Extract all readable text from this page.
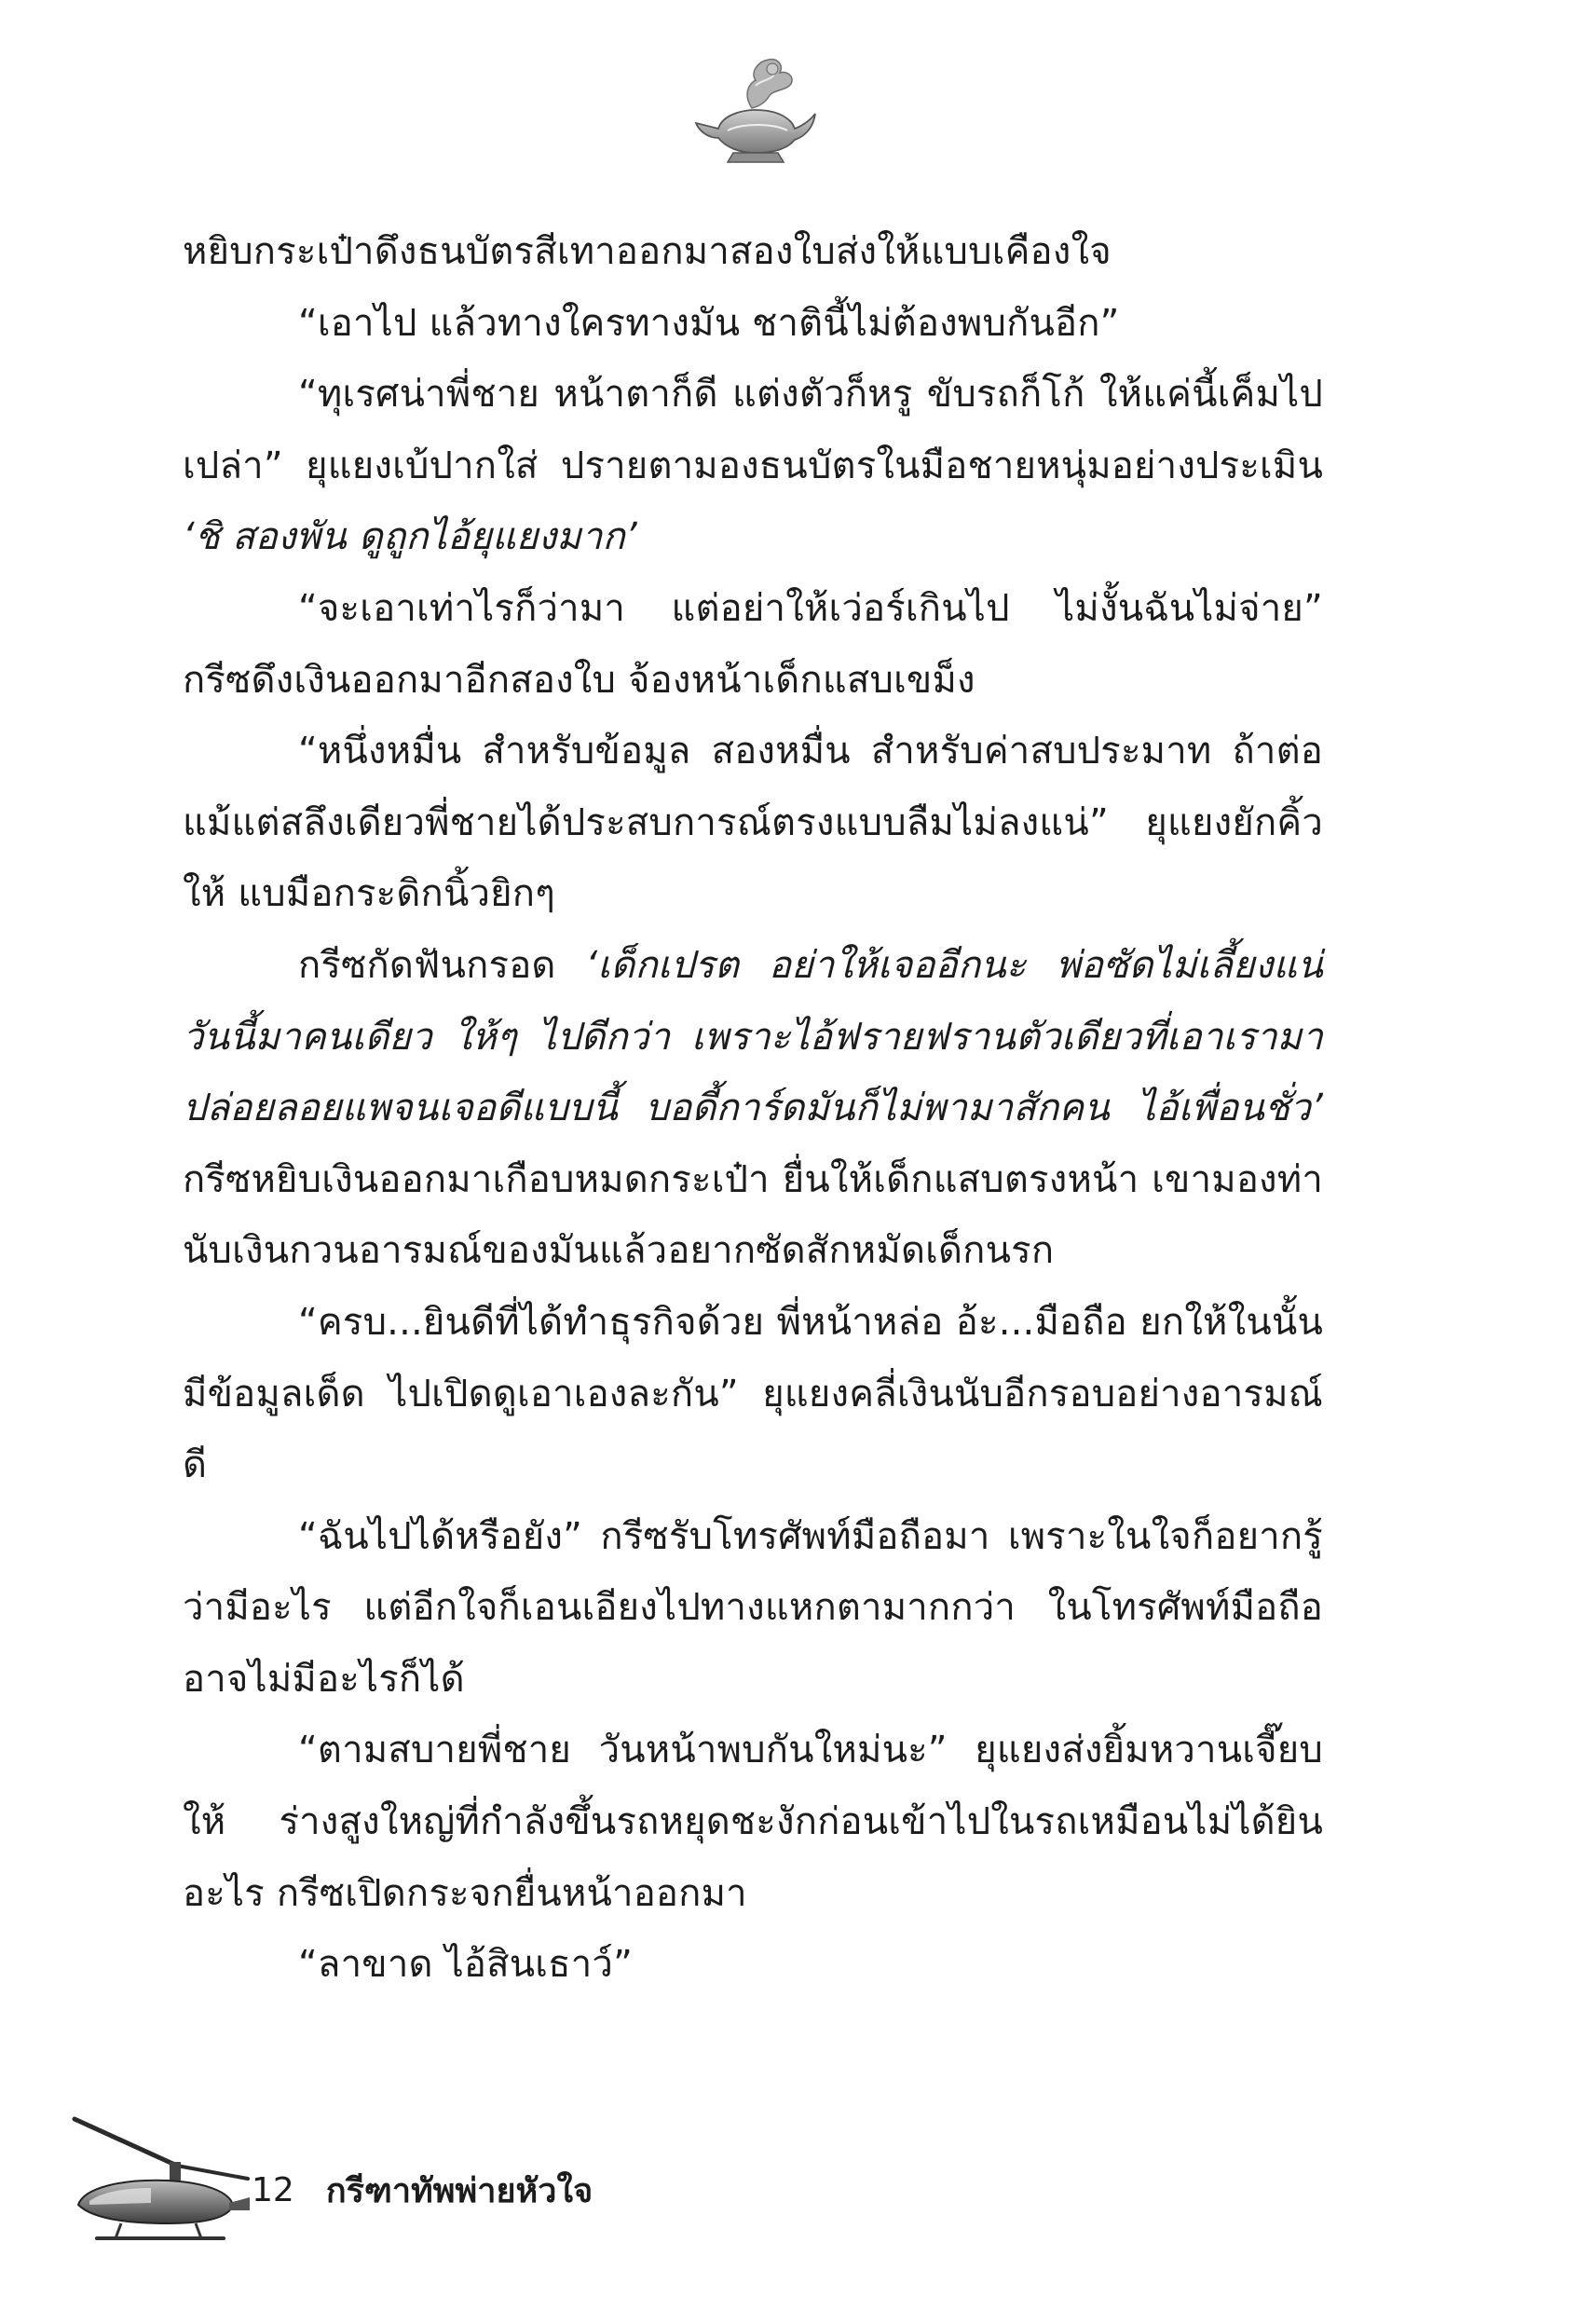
หยิบกระเป๋าดึงธนบัตรสีเทาออกมาสองใบส่งให้แบบเคืองใจ

“เอาไป แล้วทางใครทางมัน ชาตินี้ไม่ต้องพบกันอีก”

“ทุเรศน่าพี่ชาย หน้าตาก็ดี แต่งตัวก็หรู ขับรถก็โก้ ให้แค่นี้เค็มไปเปล่า” ยุแยงเบ้ปากใส่ ปรายตามองธนบัตรในมือชายหนุ่มอย่างประเมิน ‘ชิ สองพัน ดูถูกไอ้ยุแยงมาก’

“จะเอาเท่าไรก็ว่ามา แต่อย่าให้เว่อร์เกินไป ไม่งั้นฉันไม่จ่าย” กรีซดึงเงินออกมาอีกสองใบ จ้องหน้าเด็กแสบเขม็ง

“หนึ่งหมื่น สำหรับข้อมูล สองหมื่น สำหรับค่าสบประมาท ถ้าต่อแม้แต่สลึงเดียวพี่ชายได้ประสบการณ์ตรงแบบลืมไม่ลงแน่” ยุแยงยักคิ้วให้ แบมือกระดิกนิ้วยิกๆ

กรีซกัดฟันกรอด ‘เด็กเปรต อย่าให้เจออีกนะ พ่อซัดไม่เลี้ยงแน่ วันนี้มาคนเดียว ให้ๆ ไปดีกว่า เพราะไอ้ฟรายฟรานตัวเดียวที่เอาเรามาปล่อยลอยแพจนเจอดีแบบนี้ บอดี้การ์ดมันก็ไม่พามาสักคน ไอ้เพื่อนชั่ว’ กรีซหยิบเงินออกมาเกือบหมดกระเป๋า ยื่นให้เด็กแสบตรงหน้า เขามองท่านับเงินกวนอารมณ์ของมันแล้วอยากซัดสักหมัดเด็กนรก

“ครบ...ยินดีที่ได้ทำธุรกิจด้วย พี่หน้าหล่อ อ้ะ...มือถือ ยกให้ในนั้นมีข้อมูลเด็ด ไปเปิดดูเอาเองละกัน” ยุแยงคลี่เงินนับอีกรอบอย่างอารมณ์ดี

“ฉันไปได้หรือยัง” กรีซรับโทรศัพท์มือถือมา เพราะในใจก็อยากรู้ว่ามีอะไร แต่อีกใจก็เอนเอียงไปทางแหกตามากกว่า ในโทรศัพท์มือถืออาจไม่มีอะไรก็ได้

“ตามสบายพี่ชาย วันหน้าพบกันใหม่นะ” ยุแยงส่งยิ้มหวานเจี๊ยบให้ ร่างสูงใหญ่ที่กำลังขึ้นรถหยุดชะงักก่อนเข้าไปในรถเหมือนไม่ได้ยินอะไร กรีซเปิดกระจกยื่นหน้าออกมา

“ลาขาด ไอ้สินเธาว์”

12 กรีฑาทัพพ่ายหัวใจ
